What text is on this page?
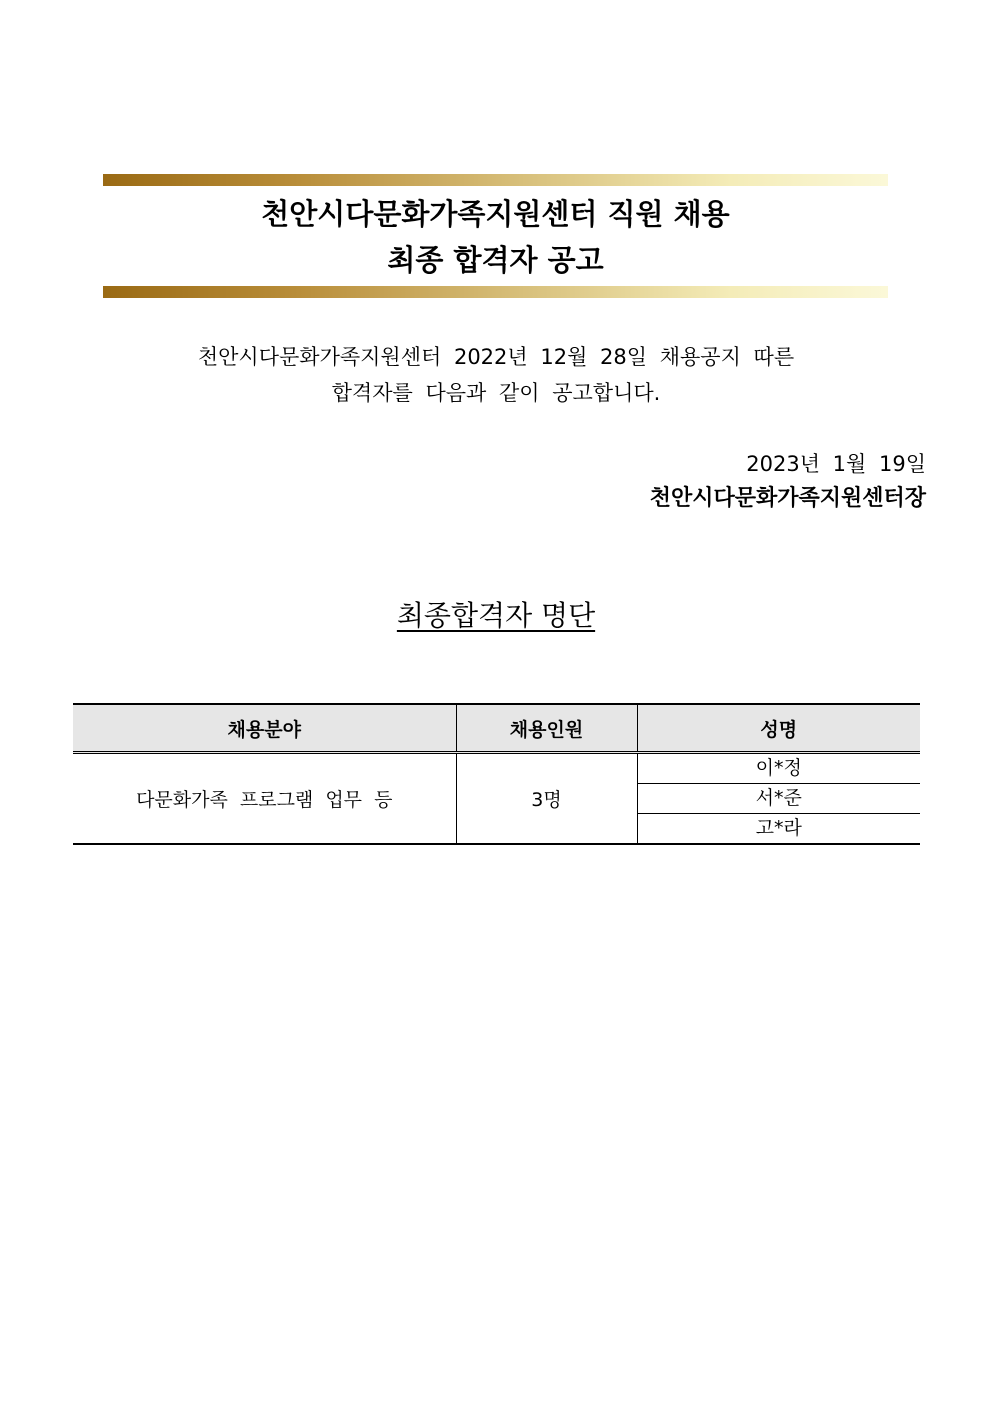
천안시다문화가족지원센터 직원 채용
최종 합격자 공고
천안시다문화가족지원센터 2022년 12월 28일 채용공지 따른
합격자를 다음과 같이 공고합니다.
2023년 1월 19일
천안시다문화가족지원센터장
최종합격자 명단
채용분야	채용인원	성명
다문화가족 프로그램 업무 등	3명	이*정
		서*준
		고*라
